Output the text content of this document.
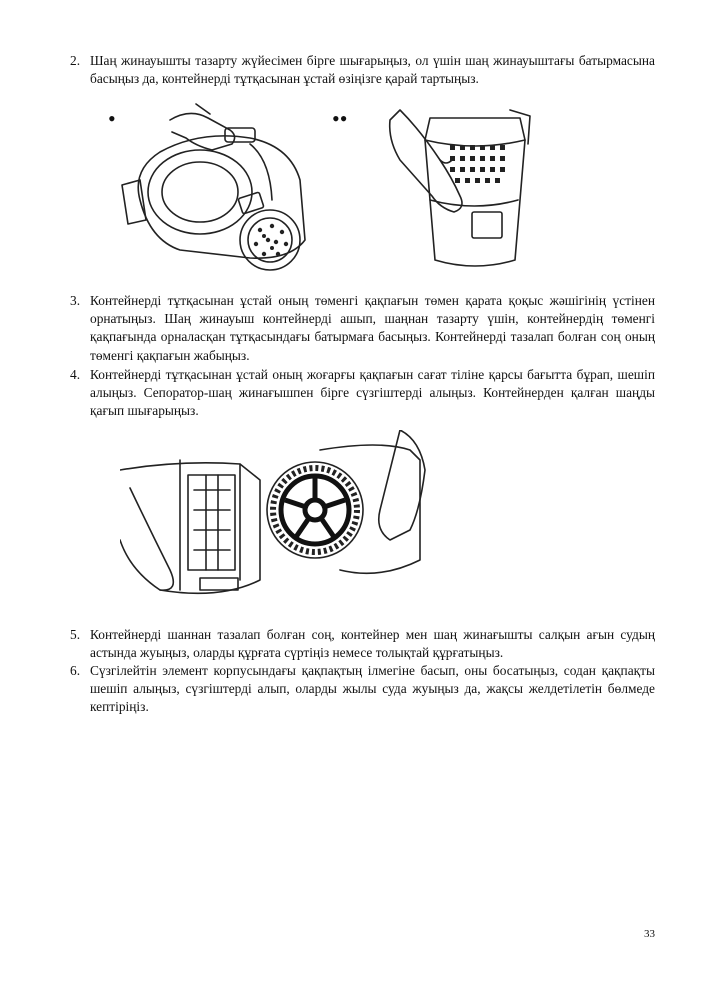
2. Шаң жинауышты тазарту жүйесімен бірге шығарыңыз, ол үшін шаң жинауыштағы батырмасына басыңыз да, контейнерді тұтқасынан ұстай өзіңізге қарай тартыңыз.
•	••
3. Контейнерді тұтқасынан ұстай оның төменгі қақпағын төмен қарата қоқыс жәшігінің үстінен орнатыңыз. Шаң жинауыш контейнерді ашып, шаңнан тазарту үшін, контейнердің төменгі қақпағында орналасқан тұтқасындағы батырмаға басыңыз. Контейнерді тазалап болған соң оның төменгі қақпағын жабыңыз.
4. Контейнерді тұтқасынан ұстай оның жоғарғы қақпағын сағат тіліне қарсы бағытта бұрап, шешіп алыңыз. Сепоратор-шаң жинағышпен бірге сүзгіштерді алыңыз. Контейнерден қалған шаңды қағып шығарыңыз.
5. Контейнерді шаннан тазалап болған соң, контейнер мен шаң жинағышты салқын ағын судың астында жуыңыз, оларды құрғата сүртіңіз немесе толықтай құрғатыңыз.
6. Сүзгілейтін элемент корпусындағы қақпақтың ілмегіне басып, оны босатыңыз, содан қақпақты шешіп алыңыз, сүзгіштерді алып, оларды жылы суда жуыңыз да, жақсы желдетілетін бөлмеде кептіріңіз.
33
